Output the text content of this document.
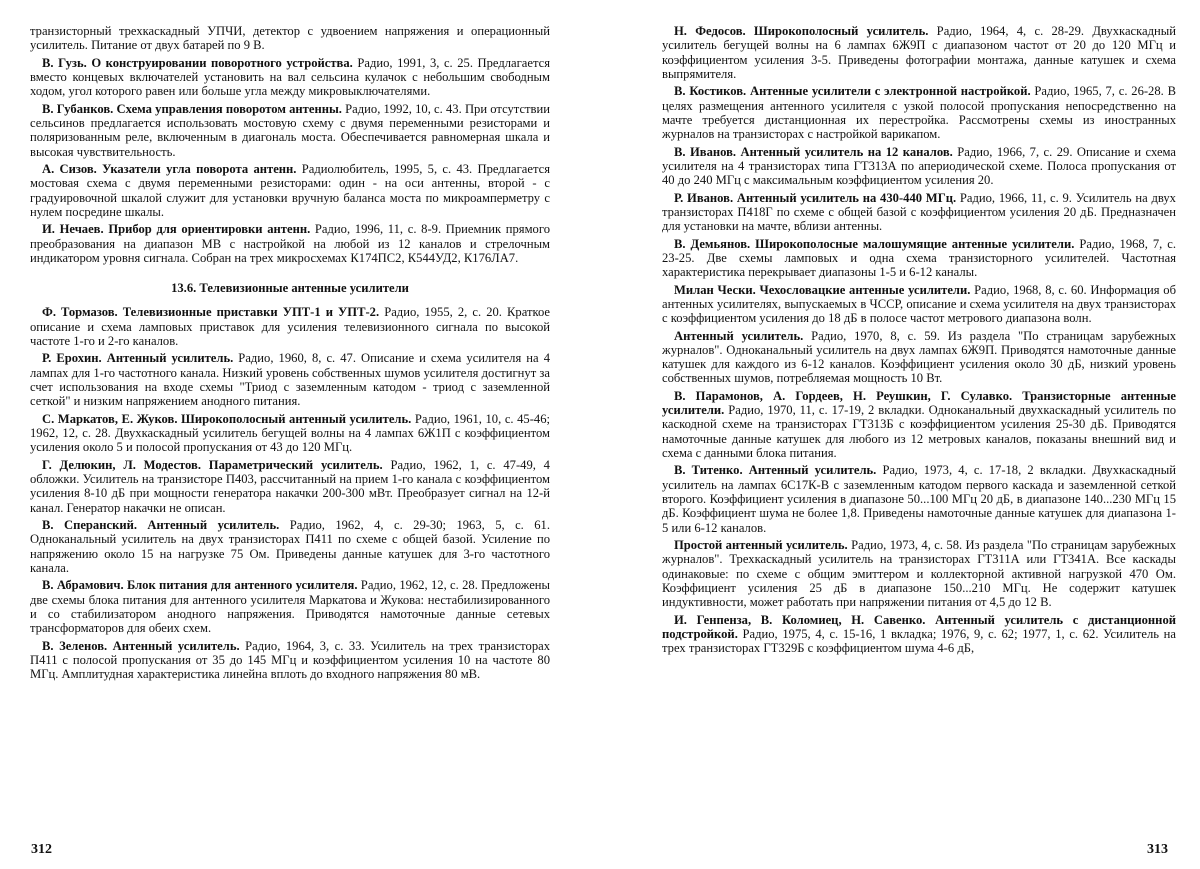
транзисторный трехкаскадный УПЧИ, детектор с удвоением напряжения и операционный усилитель. Питание от двух батарей по 9 В.

В. Гузь. О конструировании поворотного устройства. Радио, 1991, 3, с. 25. Предлагается вместо концевых включателей установить на вал сельсина кулачок с небольшим свободным ходом, угол которого равен или больше угла между микровыключателями.

В. Губанков. Схема управления поворотом антенны. Радио, 1992, 10, с. 43. При отсутствии сельсинов предлагается использовать мостовую схему с двумя переменными резисторами и поляризованным реле, включенным в диагональ моста. Обеспечивается равномерная шкала и высокая чувствительность.

А. Сизов. Указатели угла поворота антенн. Радиолюбитель, 1995, 5, с. 43. Предлагается мостовая схема с двумя переменными резисторами: один - на оси антенны, второй - с градуировочной шкалой служит для установки вручную баланса моста по микроамперметру с нулем посредине шкалы.

И. Нечаев. Прибор для ориентировки антенн. Радио, 1996, 11, с. 8-9. Приемник прямого преобразования на диапазон МВ с настройкой на любой из 12 каналов и стрелочным индикатором уровня сигнала. Собран на трех микросхемах К174ПС2, К544УД2, К176ЛА7.

13.6. Телевизионные антенные усилители

Ф. Тормазов. Телевизионные приставки УПТ-1 и УПТ-2. Радио, 1955, 2, с. 20. Краткое описание и схема ламповых приставок для усиления телевизионного сигнала по высокой частоте 1-го и 2-го каналов.

Р. Ерохин. Антенный усилитель. Радио, 1960, 8, с. 47. Описание и схема усилителя на 4 лампах для 1-го частотного канала. Низкий уровень собственных шумов усилителя достигнут за счет использования на входе схемы "Триод с заземленным катодом - триод с заземленной сеткой" и низким напряжением анодного питания.

С. Маркатов, Е. Жуков. Широкополосный антенный усилитель. Радио, 1961, 10, с. 45-46; 1962, 12, с. 28. Двухкаскадный усилитель бегущей волны на 4 лампах 6Ж1П с коэффициентом усиления около 5 и полосой пропускания от 43 до 120 МГц.

Г. Делюкин, Л. Модестов. Параметрический усилитель. Радио, 1962, 1, с. 47-49, 4 обложки. Усилитель на транзисторе П403, рассчитанный на прием 1-го канала с коэффициентом усиления 8-10 дБ при мощности генератора накачки 200-300 мВт. Преобразует сигнал на 12-й канал. Генератор накачки не описан.

В. Сперанский. Антенный усилитель. Радио, 1962, 4, с. 29-30; 1963, 5, с. 61. Одноканальный усилитель на двух транзисторах П411 по схеме с общей базой. Усиление по напряжению около 15 на нагрузке 75 Ом. Приведены данные катушек для 3-го частотного канала.

В. Абрамович. Блок питания для антенного усилителя. Радио, 1962, 12, с. 28. Предложены две схемы блока питания для антенного усилителя Маркатова и Жукова: нестабилизированного и со стабилизатором анодного напряжения. Приводятся намоточные данные сетевых трансформаторов для обеих схем.

В. Зеленов. Антенный усилитель. Радио, 1964, 3, с. 33. Усилитель на трех транзисторах П411 с полосой пропускания от 35 до 145 МГц и коэффициентом усиления 10 на частоте 80 МГц. Амплитудная характеристика линейна вплоть до входного напряжения 80 мВ.

Н. Федосов. Широкополосный усилитель. Радио, 1964, 4, с. 28-29. Двухкаскадный усилитель бегущей волны на 6 лампах 6Ж9П с диапазоном частот от 20 до 120 МГц и коэффициентом усиления 3-5. Приведены фотографии монтажа, данные катушек и схема выпрямителя.

В. Костиков. Антенные усилители с электронной настройкой. Радио, 1965, 7, с. 26-28. В целях размещения антенного усилителя с узкой полосой пропускания непосредственно на мачте требуется дистанционная их перестройка. Рассмотрены схемы из иностранных журналов на транзисторах с настройкой варикапом.

В. Иванов. Антенный усилитель на 12 каналов. Радио, 1966, 7, с. 29. Описание и схема усилителя на 4 транзисторах типа ГТ313А по апериодической схеме. Полоса пропускания от 40 до 240 МГц с максимальным коэффициентом усиления 20.

Р. Иванов. Антенный усилитель на 430-440 МГц. Радио, 1966, 11, с. 9. Усилитель на двух транзисторах П418Г по схеме с общей базой с коэффициентом усиления 20 дБ. Предназначен для установки на мачте, вблизи антенны.

В. Демьянов. Широкополосные малошумящие антенные усилители. Радио, 1968, 7, с. 23-25. Две схемы ламповых и одна схема транзисторного усилителей. Частотная характеристика перекрывает диапазоны 1-5 и 6-12 каналы.

Милан Чески. Чехословацкие антенные усилители. Радио, 1968, 8, с. 60. Информация об антенных усилителях, выпускаемых в ЧССР, описание и схема усилителя на двух транзисторах с коэффициентом усиления до 18 дБ в полосе частот метрового диапазона волн.

Антенный усилитель. Радио, 1970, 8, с. 59. Из раздела "По страницам зарубежных журналов". Одноканальный усилитель на двух лампах 6Ж9П. Приводятся намоточные данные катушек для каждого из 6-12 каналов. Коэффициент усиления около 30 дБ, низкий уровень собственных шумов, потребляемая мощность 10 Вт.

В. Парамонов, А. Гордеев, Н. Реушкин, Г. Сулавко. Транзисторные антенные усилители. Радио, 1970, 11, с. 17-19, 2 вкладки. Одноканальный двухкаскадный усилитель по каскодной схеме на транзисторах ГТ313Б с коэффициентом усиления 25-30 дБ. Приводятся намоточные данные катушек для любого из 12 метровых каналов, показаны внешний вид и схема с данными блока питания.

В. Титенко. Антенный усилитель. Радио, 1973, 4, с. 17-18, 2 вкладки. Двухкаскадный усилитель на лампах 6С17К-В с заземленным катодом первого каскада и заземленной сеткой второго. Коэффициент усиления в диапазоне 50...100 МГц 20 дБ, в диапазоне 140...230 МГц 15 дБ. Коэффициент шума не более 1,8. Приведены намоточные данные катушек для диапазона 1-5 или 6-12 каналов.

Простой антенный усилитель. Радио, 1973, 4, с. 58. Из раздела "По страницам зарубежных журналов". Трехкаскадный усилитель на транзисторах ГТ311А или ГТ341А. Все каскады одинаковые: по схеме с общим эмиттером и коллекторной активной нагрузкой 470 Ом. Коэффициент усиления 25 дБ в диапазоне 150...210 МГц. Не содержит катушек индуктивности, может работать при напряжении питания от 4,5 до 12 В.

И. Генпенза, В. Коломиец, Н. Савенко. Антенный усилитель с дистанционной подстройкой. Радио, 1975, 4, с. 15-16, 1 вкладка; 1976, 9, с. 62; 1977, 1, с. 62. Усилитель на трех транзисторах ГТ329Б с коэффициентом шума 4-6 дБ,

312	313
